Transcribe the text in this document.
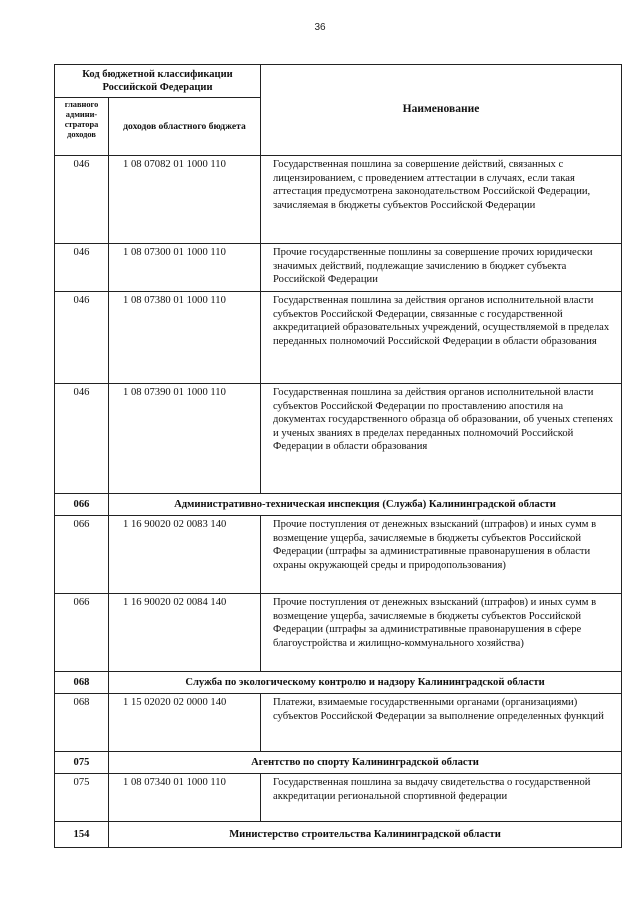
36
Код бюджетной классификации Российской Федерации		Наименование
главного админи-стратора доходов	доходов областного бюджета	
046	1 08 07082 01 1000 110	Государственная пошлина за совершение действий, связанных с лицензированием, с проведением аттестации в случаях, если такая аттестация предусмотрена законодательством Российской Федерации, зачисляемая в бюджеты субъектов Российской Федерации
046	1 08 07300 01 1000 110	Прочие государственные пошлины за совершение прочих юридически значимых действий, подлежащие зачислению в бюджет субъекта Российской Федерации
046	1 08 07380 01 1000 110	Государственная пошлина за действия органов исполнительной власти субъектов Российской Федерации, связанные с государственной аккредитацией образовательных учреждений, осуществляемой в пределах переданных полномочий Российской Федерации в области образования
046	1 08 07390 01 1000 110	Государственная пошлина за действия органов исполнительной власти субъектов Российской Федерации по проставлению апостиля на документах государственного образца об образовании, об ученых степенях и ученых званиях в пределах переданных полномочий Российской Федерации в области образования
066	Административно-техническая инспекция (Служба) Калининградской области	
066	1 16 90020 02 0083 140	Прочие поступления от денежных взысканий (штрафов) и иных сумм в возмещение ущерба, зачисляемые в бюджеты субъектов Российской Федерации (штрафы за административные правонарушения в области охраны окружающей среды и природопользования)
066	1 16 90020 02 0084 140	Прочие поступления от денежных взысканий (штрафов) и иных сумм в возмещение ущерба, зачисляемые в бюджеты субъектов Российской Федерации (штрафы за административные правонарушения в сфере благоустройства и жилищно-коммунального хозяйства)
068	Служба по экологическому контролю и надзору Калининградской области	
068	1 15 02020 02 0000 140	Платежи, взимаемые государственными органами (организациями) субъектов Российской Федерации за выполнение определенных функций
075	Агентство по спорту Калининградской области	
075	1 08 07340 01 1000 110	Государственная пошлина за выдачу свидетельства о государственной аккредитации региональной спортивной федерации
154	Министерство строительства Калининградской области	
